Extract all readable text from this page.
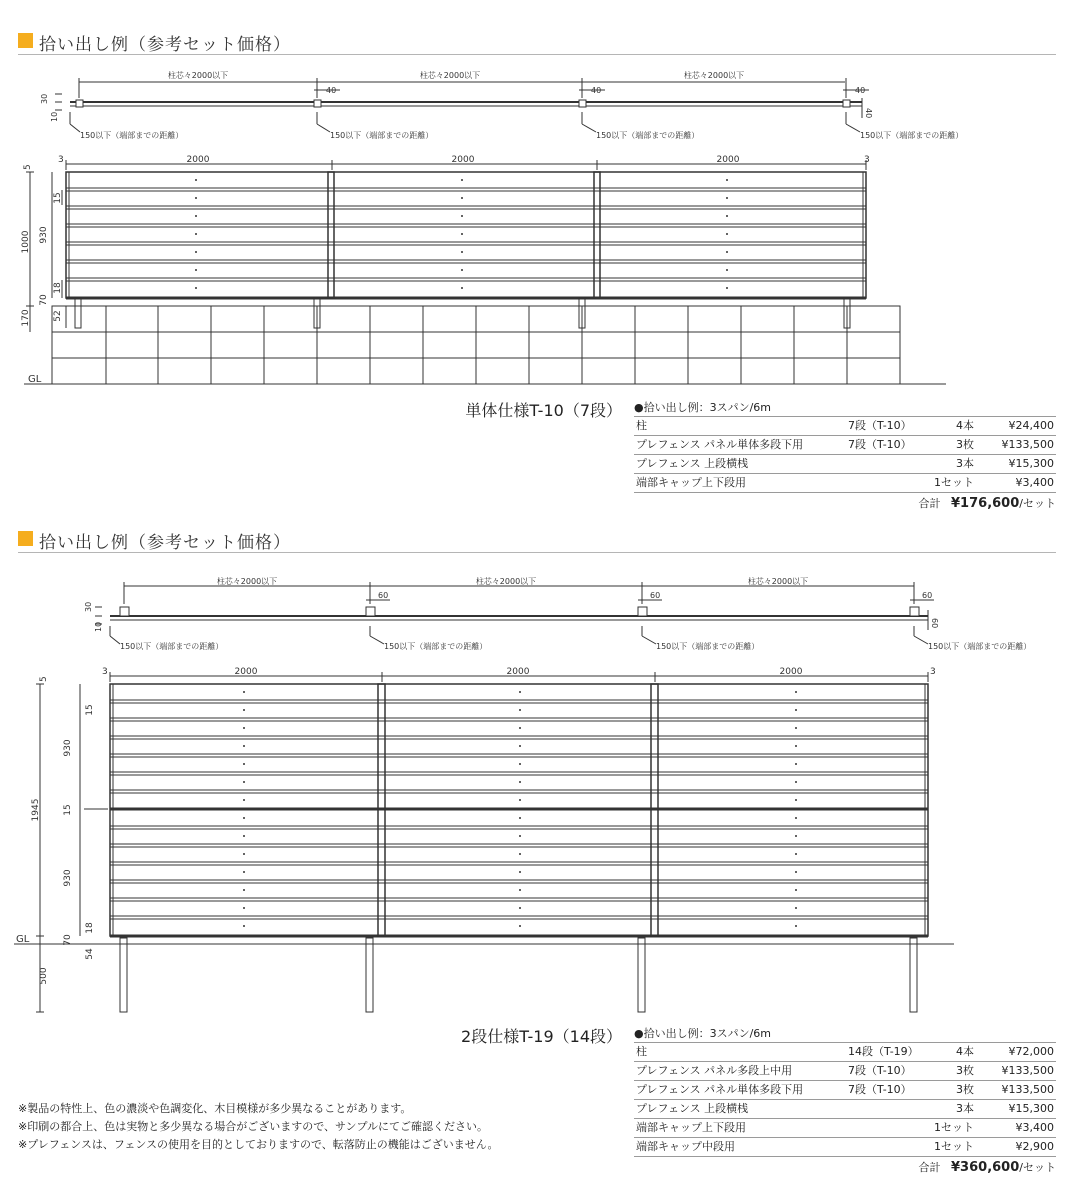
拾い出し例（参考セット価格）
柱芯々2000以下	柱芯々2000以下	柱芯々2000以下
40	40	40
40
30
10
150以下（端部までの距離）	150以下（端部までの距離）	150以下（端部までの距離）	150以下（端部までの距離）
2000	2000	2000
3	3
5
1000 930
15
18
70
170 52
GL
単体仕様T-10（7段） ●拾い出し例：3スパン/6m
柱	7段（T-10）	4本	¥24,400
プレフェンス パネル単体多段下用	7段（T-10）	3枚	¥133,500
プレフェンス 上段横桟	3本	¥15,300
端部キャップ上下段用	1セット	¥3,400
合計 ¥176,600/セット
拾い出し例（参考セット価格）
柱芯々2000以下	柱芯々2000以下	柱芯々2000以下
60	60	60
60
30
10
150以下（端部までの距離）	150以下（端部までの距離）	150以下（端部までの距離）	150以下（端部までの距離）
2000	2000	2000
3	3
5
1945
930
930
15
15
18
70
54
500
GL
2段仕様T-19（14段） ●拾い出し例：3スパン/6m
柱	14段（T-19）	4本	¥72,000
プレフェンス パネル多段上中用	7段（T-10）	3枚	¥133,500
プレフェンス パネル単体多段下用	7段（T-10）	3枚	¥133,500
プレフェンス 上段横桟	3本	¥15,300
端部キャップ上下段用	1セット	¥3,400
端部キャップ中段用	1セット	¥2,900
合計 ¥360,600/セット
※製品の特性上、色の濃淡や色調変化、木目模様が多少異なることがあります。
※印刷の都合上、色は実物と多少異なる場合がございますので、サンプルにてご確認ください。
※プレフェンスは、フェンスの使用を目的としておりますので、転落防止の機能はございません。
